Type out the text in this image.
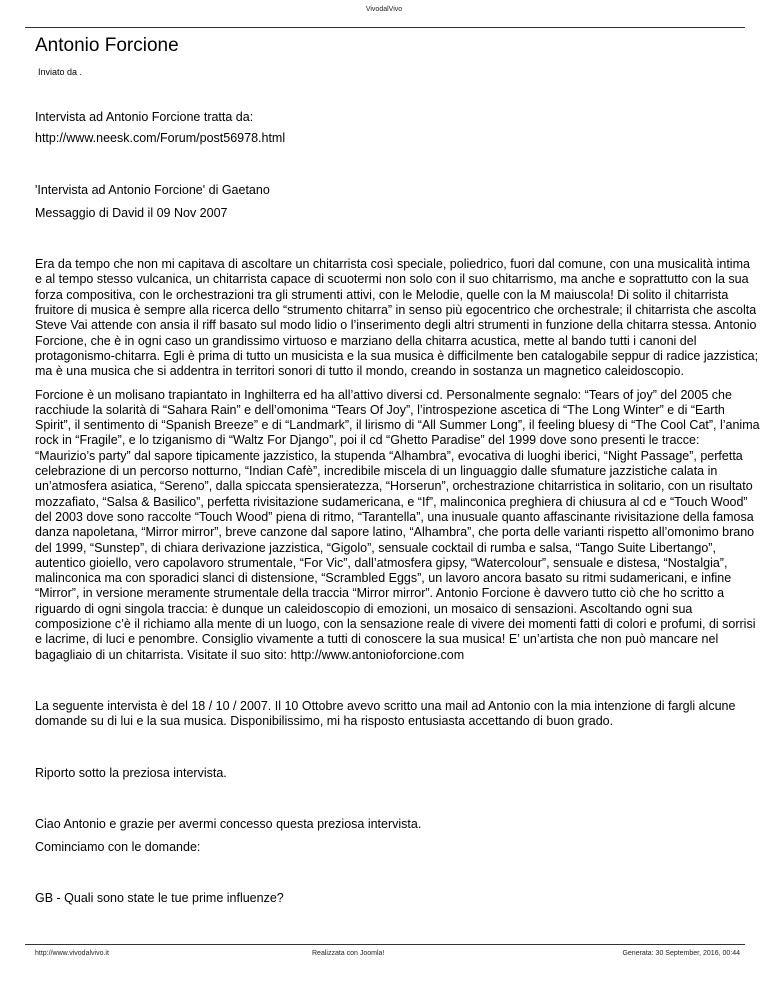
VivodalVivo
Antonio Forcione
Inviato da .

Intervista ad Antonio Forcione tratta da:

http://www.neesk.com/Forum/post56978.html

'Intervista ad Antonio Forcione' di Gaetano

Messaggio di David il 09 Nov 2007

Era da tempo che non mi capitava di ascoltare un chitarrista così speciale, poliedrico, fuori dal comune, con una musicalità intima e al tempo stesso vulcanica, un chitarrista capace di scuotermi non solo con il suo chitarrismo, ma anche e soprattutto con la sua forza compositiva, con le orchestrazioni tra gli strumenti attivi, con le Melodie, quelle con la M maiuscola! Di solito il chitarrista fruitore di musica è sempre alla ricerca dello “strumento chitarra” in senso più egocentrico che orchestrale; il chitarrista che ascolta Steve Vai attende con ansia il riff basato sul modo lidio o l’inserimento degli altri strumenti in funzione della chitarra stessa. Antonio Forcione, che è in ogni caso un grandissimo virtuoso e marziano della chitarra acustica, mette al bando tutti i canoni del protagonismo-chitarra. Egli è prima di tutto un musicista e la sua musica è difficilmente ben catalogabile seppur di radice jazzistica; ma è una musica che si addentra in territori sonori di tutto il mondo, creando in sostanza un magnetico caleidoscopio.

Forcione è un molisano trapiantato in Inghilterra ed ha all’attivo diversi cd. Personalmente segnalo: “Tears of joy” del 2005 che racchiude la solarità di “Sahara Rain” e dell’omonima “Tears Of Joy”, l’introspezione ascetica di “The Long Winter” e di “Earth Spirit”, il sentimento di “Spanish Breeze” e di “Landmark”, il lirismo di “All Summer Long”, il feeling bluesy di “The Cool Cat”, l’anima rock in “Fragile”, e lo tziganismo di “Waltz For Django”, poi il cd “Ghetto Paradise” del 1999 dove sono presenti le tracce: “Maurizio’s party” dal sapore tipicamente jazzistico, la stupenda “Alhambra”, evocativa di luoghi iberici, “Night Passage”, perfetta celebrazione di un percorso notturno, “Indian Cafè”, incredibile miscela di un linguaggio dalle sfumature jazzistiche calata in un’atmosfera asiatica, “Sereno”, dalla spiccata spensieratezza, “Horserun”, orchestrazione chitarristica in solitario, con un risultato mozzafiato, “Salsa & Basilico”, perfetta rivisitazione sudamericana, e “If”, malinconica preghiera di chiusura al cd e “Touch Wood” del 2003 dove sono raccolte “Touch Wood” piena di ritmo, “Tarantella”, una inusuale quanto affascinante rivisitazione della famosa danza napoletana, “Mirror mirror”, breve canzone dal sapore latino, “Alhambra”, che porta delle varianti rispetto all’omonimo brano del 1999, “Sunstep”, di chiara derivazione jazzistica, “Gigolo”, sensuale cocktail di rumba e salsa, “Tango Suite Libertango”, autentico gioiello, vero capolavoro strumentale, “For Vic”, dall’atmosfera gipsy, “Watercolour”, sensuale e distesa, “Nostalgia”, malinconica ma con sporadici slanci di distensione, “Scrambled Eggs”, un lavoro ancora basato su ritmi sudamericani, e infine “Mirror”, in versione meramente strumentale della traccia “Mirror mirror”. Antonio Forcione è davvero tutto ciò che ho scritto a riguardo di ogni singola traccia: è dunque un caleidoscopio di emozioni, un mosaico di sensazioni. Ascoltando ogni sua composizione c’è il richiamo alla mente di un luogo, con la sensazione reale di vivere dei momenti fatti di colori e profumi, di sorrisi e lacrime, di luci e penombre. Consiglio vivamente a tutti di conoscere la sua musica! E’ un’artista che non può mancare nel bagagliaio di un chitarrista. Visitate il suo sito: http://www.antonioforcione.com

La seguente intervista è del 18 / 10 / 2007. Il 10 Ottobre avevo scritto una mail ad Antonio con la mia intenzione di fargli alcune domande su di lui e la sua musica. Disponibilissimo, mi ha risposto entusiasta accettando di buon grado.

Riporto sotto la preziosa intervista.

Ciao Antonio e grazie per avermi concesso questa preziosa intervista.

Cominciamo con le domande:

GB - Quali sono state le tue prime influenze?

http://www.vivodalvivo.it	Realizzata con Joomla!	Generata: 30 September, 2016, 00:44
